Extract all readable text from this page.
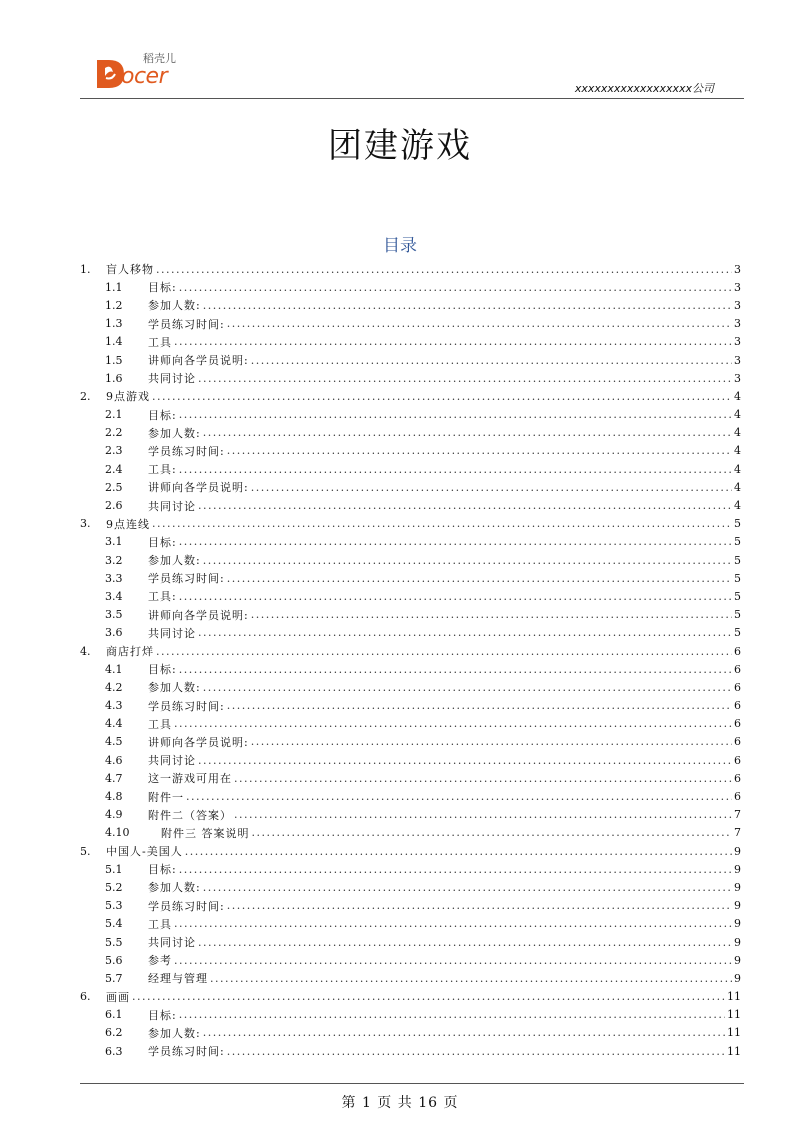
ocer
稻壳儿
xxxxxxxxxxxxxxxxxx公司
团建游戏
目录
1.	盲人移物 .....	3
1.1	目标: .....	3
1.2	参加人数: .....	3
1.3	学员练习时间: .....	3
1.4	工具 .....	3
1.5	讲师向各学员说明: .....	3
1.6	共同讨论 .....	3
2.	9点游戏 .....	4
2.1	目标: .....	4
2.2	参加人数: .....	4
2.3	学员练习时间: .....	4
2.4	工具: .....	4
2.5	讲师向各学员说明: .....	4
2.6	共同讨论 .....	4
3.	9点连线 .....	5
3.1	目标: .....	5
3.2	参加人数: .....	5
3.3	学员练习时间: .....	5
3.4	工具: .....	5
3.5	讲师向各学员说明: .....	5
3.6	共同讨论 .....	5
4.	商店打烊 .....	6
4.1	目标: .....	6
4.2	参加人数: .....	6
4.3	学员练习时间: .....	6
4.4	工具 .....	6
4.5	讲师向各学员说明: .....	6
4.6	共同讨论 .....	6
4.7	这一游戏可用在 .....	6
4.8	附件一 .....	6
4.9	附件二（答案） .....	7
4.10	附件三 答案说明 .....	7
5.	中国人-美国人 .....	9
5.1	目标: .....	9
5.2	参加人数: .....	9
5.3	学员练习时间: .....	9
5.4	工具 .....	9
5.5	共同讨论 .....	9
5.6	参考 .....	9
5.7	经理与管理 .....	9
6.	画画 .....	11
6.1	目标: .....	11
6.2	参加人数: .....	11
6.3	学员练习时间: .....	11
第 1 页 共 16 页
